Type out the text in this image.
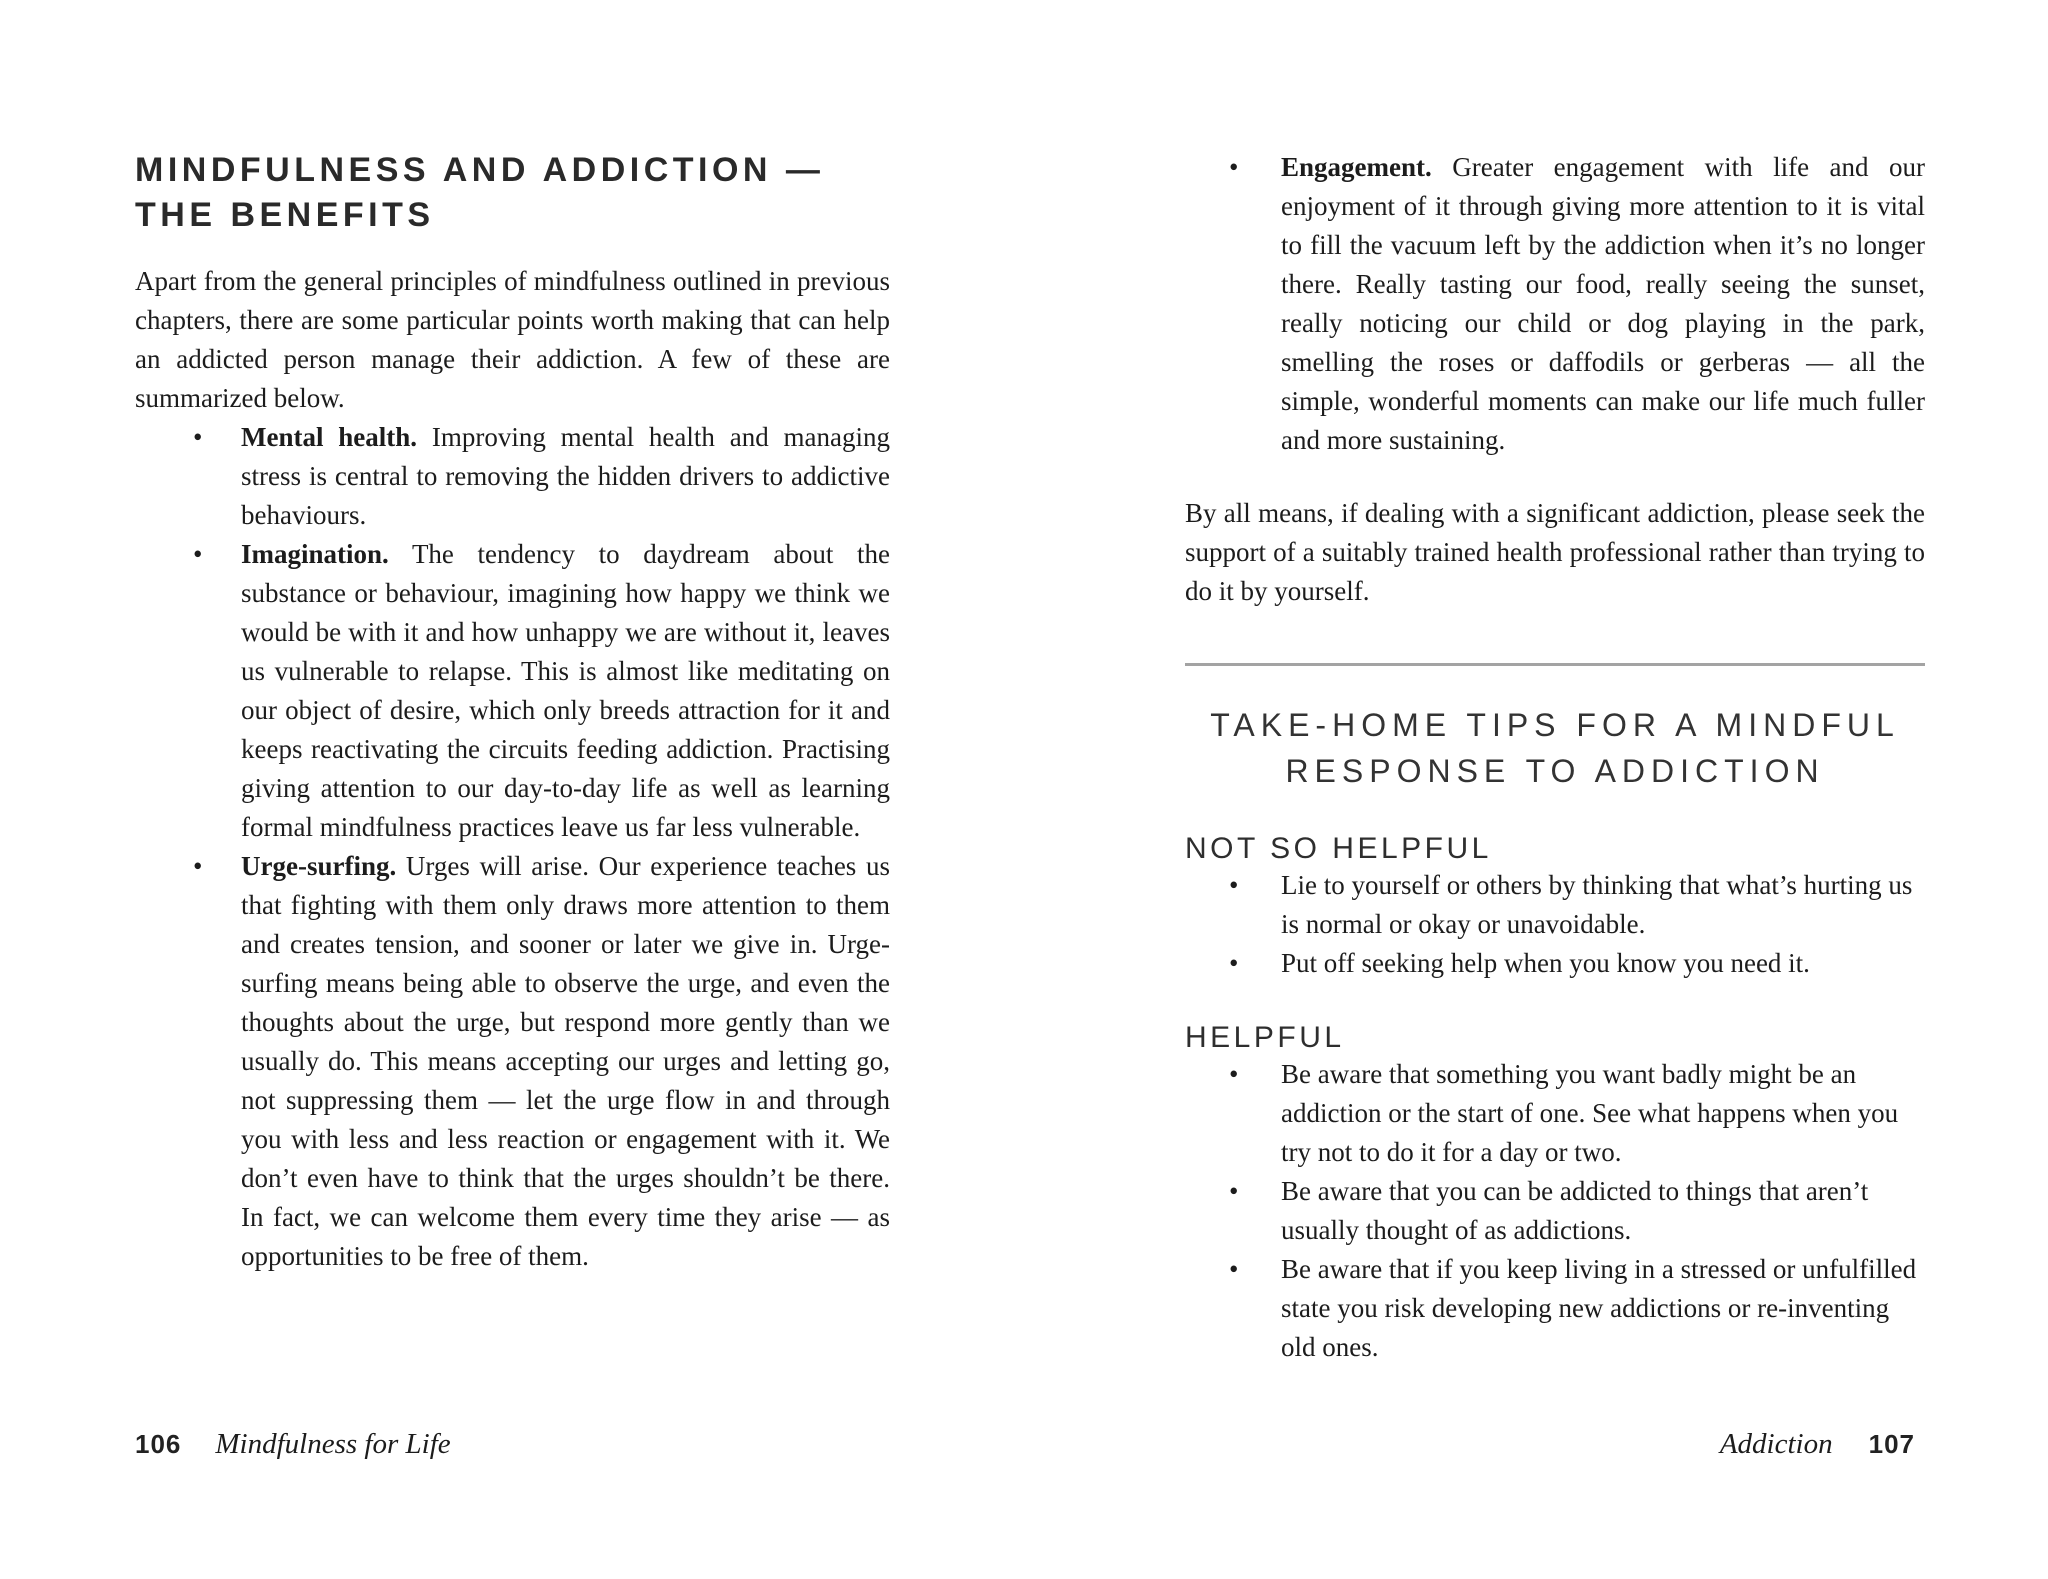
MINDFULNESS AND ADDICTION —
THE BENEFITS

Apart from the general principles of mindfulness outlined in previous chapters, there are some particular points worth making that can help an addicted person manage their addiction. A few of these are summarized below.

•	Mental health. Improving mental health and managing stress is central to removing the hidden drivers to addictive behaviours.
•	Imagination. The tendency to daydream about the substance or behaviour, imagining how happy we think we would be with it and how unhappy we are without it, leaves us vulnerable to relapse. This is almost like meditating on our object of desire, which only breeds attraction for it and keeps reactivating the circuits feeding addiction. Practising giving attention to our day-to-day life as well as learning formal mindfulness practices leave us far less vulnerable.
•	Urge-surfing. Urges will arise. Our experience teaches us that fighting with them only draws more attention to them and creates tension, and sooner or later we give in. Urge-surfing means being able to observe the urge, and even the thoughts about the urge, but respond more gently than we usually do. This means accepting our urges and letting go, not suppressing them — let the urge flow in and through you with less and less reaction or engagement with it. We don’t even have to think that the urges shouldn’t be there. In fact, we can welcome them every time they arise — as opportunities to be free of them.
•	Engagement. Greater engagement with life and our enjoyment of it through giving more attention to it is vital to fill the vacuum left by the addiction when it’s no longer there. Really tasting our food, really seeing the sunset, really noticing our child or dog playing in the park, smelling the roses or daffodils or gerberas — all the simple, wonderful moments can make our life much fuller and more sustaining.

By all means, if dealing with a significant addiction, please seek the support of a suitably trained health professional rather than trying to do it by yourself.

TAKE-HOME TIPS FOR A MINDFUL
RESPONSE TO ADDICTION
NOT SO HELPFUL
•	Lie to yourself or others by thinking that what’s hurting us is normal or okay or unavoidable.
•	Put off seeking help when you know you need it.
HELPFUL
•	Be aware that something you want badly might be an addiction or the start of one. See what happens when you try not to do it for a day or two.
•	Be aware that you can be addicted to things that aren’t usually thought of as addictions.
•	Be aware that if you keep living in a stressed or unfulfilled state you risk developing new addictions or re-inventing old ones.
106 Mindfulness for Life	Addiction 107
